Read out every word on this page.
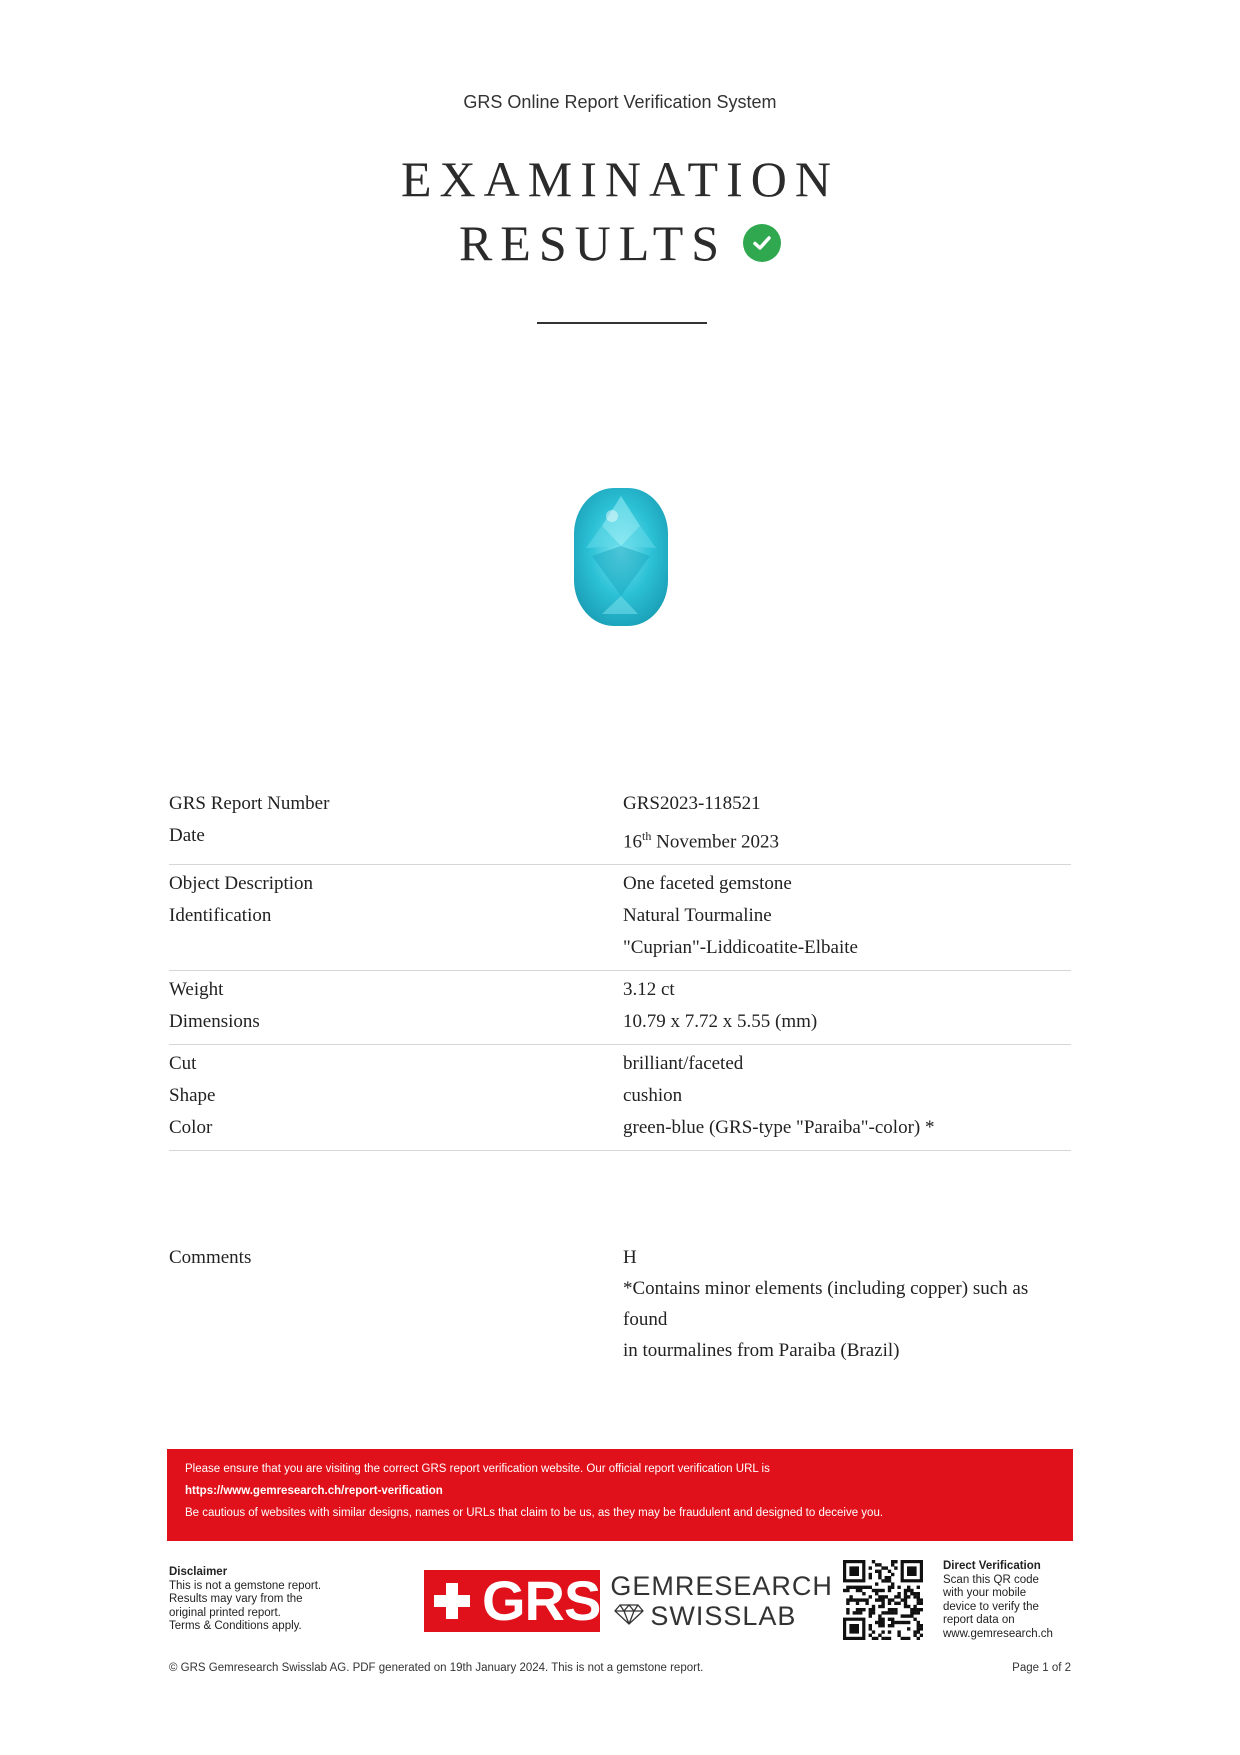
GRS Online Report Verification System
EXAMINATION
RESULTS
GRS Report Number	GRS2023-118521
Date	16th November 2023
Object Description	One faceted gemstone
Identification	Natural Tourmaline
"Cuprian"-Liddicoatite-Elbaite
Weight	3.12 ct
Dimensions	10.79 x 7.72 x 5.55 (mm)
Cut	brilliant/faceted
Shape	cushion
Color	green-blue (GRS-type "Paraiba"-color) *
Comments	H
*Contains minor elements (including copper) such as
found
in tourmalines from Paraiba (Brazil)
Please ensure that you are visiting the correct GRS report verification website. Our official report verification URL is
https://www.gemresearch.ch/report-verification
Be cautious of websites with similar designs, names or URLs that claim to be us, as they may be fraudulent and designed to deceive you.
Disclaimer
This is not a gemstone report.
Results may vary from the
original printed report.
Terms & Conditions apply.	GRS GEMRESEARCH
SWISSLAB
Direct Verification
Scan this QR code
with your mobile
device to verify the
report data on
www.gemresearch.ch
© GRS Gemresearch Swisslab AG. PDF generated on 19th January 2024. This is not a gemstone report.	Page 1 of 2
